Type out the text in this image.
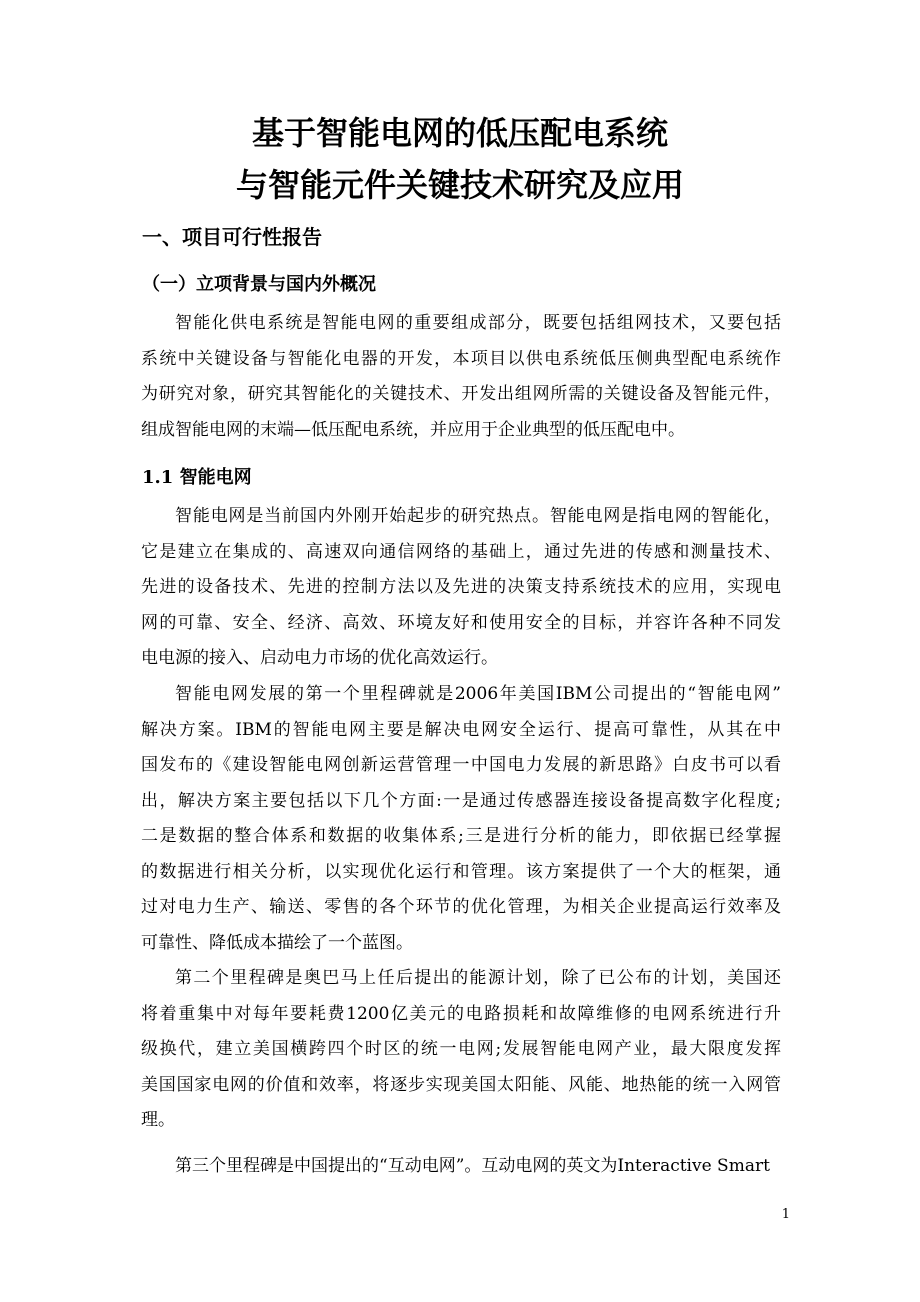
基于智能电网的低压配电系统
与智能元件关键技术研究及应用
一、项目可行性报告
（一）立项背景与国内外概况
智能化供电系统是智能电网的重要组成部分，既要包括组网技术，又要包括
系统中关键设备与智能化电器的开发，本项目以供电系统低压侧典型配电系统作
为研究对象，研究其智能化的关键技术、开发出组网所需的关键设备及智能元件，
组成智能电网的末端—低压配电系统，并应用于企业典型的低压配电中。
1.1 智能电网
智能电网是当前国内外刚开始起步的研究热点。智能电网是指电网的智能化，
它是建立在集成的、高速双向通信网络的基础上，通过先进的传感和测量技术、
先进的设备技术、先进的控制方法以及先进的决策支持系统技术的应用，实现电
网的可靠、安全、经济、高效、环境友好和使用安全的目标，并容许各种不同发
电电源的接入、启动电力市场的优化高效运行。
智能电网发展的第一个里程碑就是2006年美国IBM公司提出的“智能电网”
解决方案。IBM的智能电网主要是解决电网安全运行、提高可靠性，从其在中
国发布的《建设智能电网创新运营管理一中国电力发展的新思路》白皮书可以看
出，解决方案主要包括以下几个方面:一是通过传感器连接设备提高数字化程度;
二是数据的整合体系和数据的收集体系;三是进行分析的能力，即依据已经掌握
的数据进行相关分析，以实现优化运行和管理。该方案提供了一个大的框架，通
过对电力生产、输送、零售的各个环节的优化管理，为相关企业提高运行效率及
可靠性、降低成本描绘了一个蓝图。
第二个里程碑是奥巴马上任后提出的能源计划，除了已公布的计划，美国还
将着重集中对每年要耗费1200亿美元的电路损耗和故障维修的电网系统进行升
级换代，建立美国横跨四个时区的统一电网;发展智能电网产业，最大限度发挥
美国国家电网的价值和效率，将逐步实现美国太阳能、风能、地热能的统一入网管
理。
第三个里程碑是中国提出的“互动电网”。互动电网的英文为Interactive Smart
1
